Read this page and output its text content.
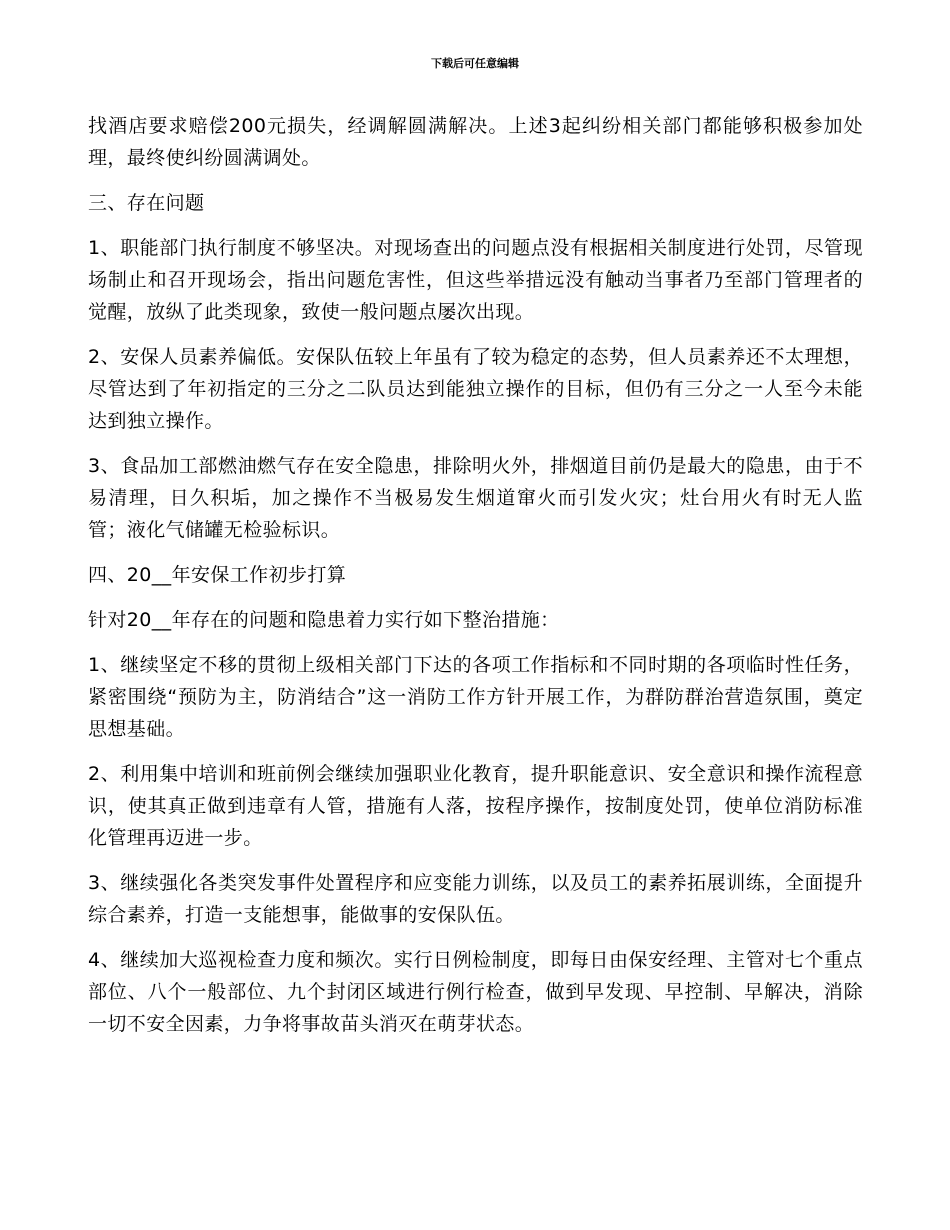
下载后可任意编辑

找酒店要求赔偿200元损失，经调解圆满解决。上述3起纠纷相关部门都能够积极参加处理，最终使纠纷圆满调处。

三、存在问题

1、职能部门执行制度不够坚决。对现场查出的问题点没有根据相关制度进行处罚，尽管现场制止和召开现场会，指出问题危害性，但这些举措远没有触动当事者乃至部门管理者的觉醒，放纵了此类现象，致使一般问题点屡次出现。

2、安保人员素养偏低。安保队伍较上年虽有了较为稳定的态势，但人员素养还不太理想，尽管达到了年初指定的三分之二队员达到能独立操作的目标，但仍有三分之一人至今未能达到独立操作。

3、食品加工部燃油燃气存在安全隐患，排除明火外，排烟道目前仍是最大的隐患，由于不易清理，日久积垢，加之操作不当极易发生烟道窜火而引发火灾；灶台用火有时无人监管；液化气储罐无检验标识。

四、20__年安保工作初步打算

针对20__年存在的问题和隐患着力实行如下整治措施：

1、继续坚定不移的贯彻上级相关部门下达的各项工作指标和不同时期的各项临时性任务，紧密围绕“预防为主，防消结合”这一消防工作方针开展工作，为群防群治营造氛围，奠定思想基础。

2、利用集中培训和班前例会继续加强职业化教育，提升职能意识、安全意识和操作流程意识，使其真正做到违章有人管，措施有人落，按程序操作，按制度处罚，使单位消防标准化管理再迈进一步。

3、继续强化各类突发事件处置程序和应变能力训练，以及员工的素养拓展训练，全面提升综合素养，打造一支能想事，能做事的安保队伍。

4、继续加大巡视检查力度和频次。实行日例检制度，即每日由保安经理、主管对七个重点部位、八个一般部位、九个封闭区域进行例行检查，做到早发现、早控制、早解决，消除一切不安全因素，力争将事故苗头消灭在萌芽状态。
